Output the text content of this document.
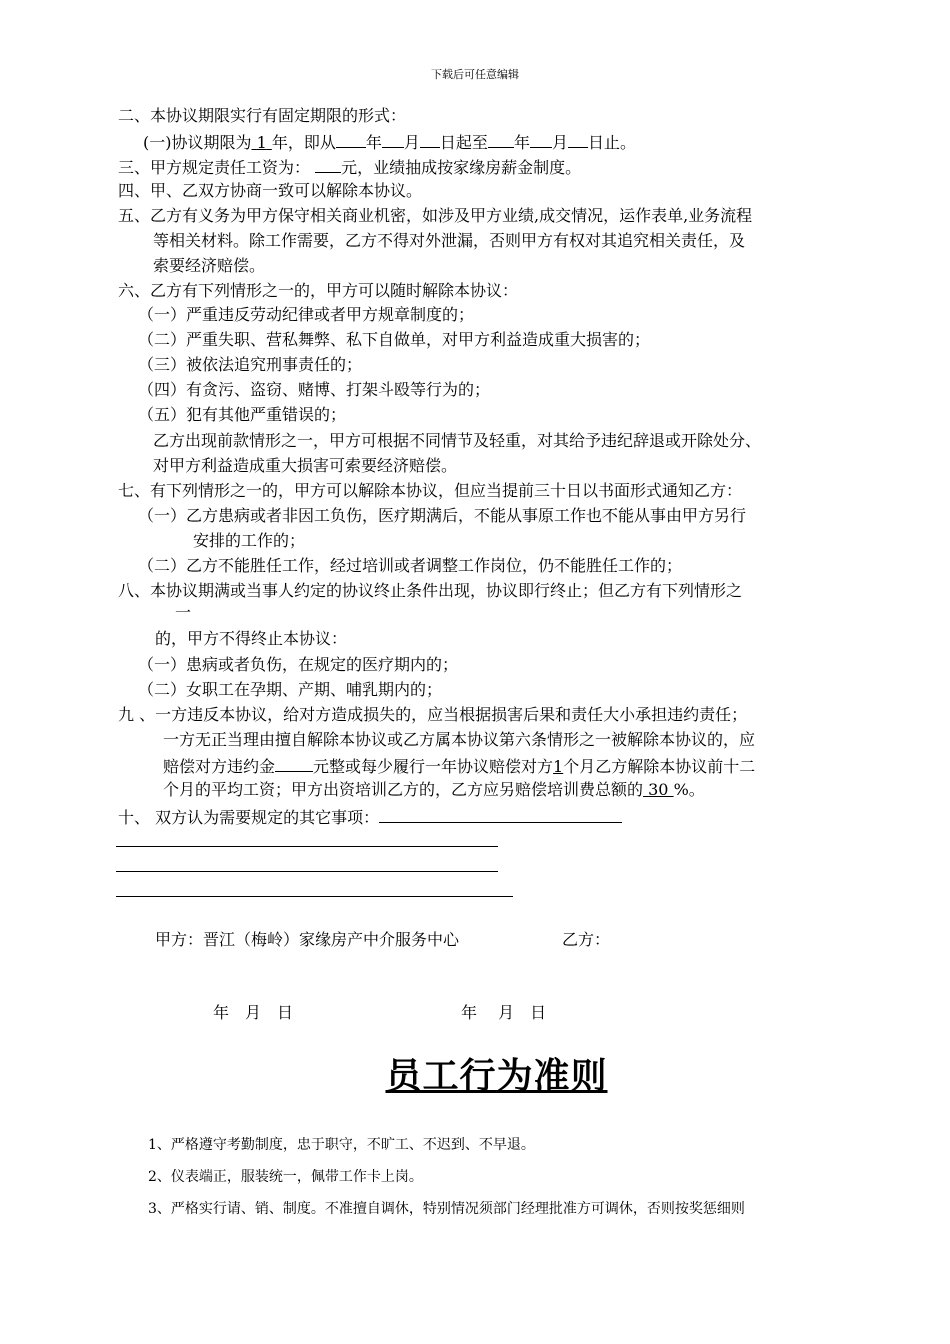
下载后可任意编辑
二、本协议期限实行有固定期限的形式：
(一)协议期限为 1 年，即从 年 月 日起至 年 月 日止。
三、甲方规定责任工资为： 元，业绩抽成按家缘房薪金制度。
四、甲、乙双方协商一致可以解除本协议。
五、乙方有义务为甲方保守相关商业机密，如涉及甲方业绩,成交情况，运作表单,业务流程
等相关材料。除工作需要，乙方不得对外泄漏，否则甲方有权对其追究相关责任，及
索要经济赔偿。
六、乙方有下列情形之一的，甲方可以随时解除本协议：
（一）严重违反劳动纪律或者甲方规章制度的；
（二）严重失职、营私舞弊、私下自做单，对甲方利益造成重大损害的；
（三）被依法追究刑事责任的；
（四）有贪污、盗窃、赌博、打架斗殴等行为的；
（五）犯有其他严重错误的；
乙方出现前款情形之一，甲方可根据不同情节及轻重，对其给予违纪辞退或开除处分、
对甲方利益造成重大损害可索要经济赔偿。
七、有下列情形之一的，甲方可以解除本协议，但应当提前三十日以书面形式通知乙方：
（一）乙方患病或者非因工负伤，医疗期满后，不能从事原工作也不能从事由甲方另行
安排的工作的；
（二）乙方不能胜任工作，经过培训或者调整工作岗位，仍不能胜任工作的；
八、本协议期满或当事人约定的协议终止条件出现，协议即行终止；但乙方有下列情形之
一
的，甲方不得终止本协议：
（一）患病或者负伤，在规定的医疗期内的；
（二）女职工在孕期、产期、哺乳期内的；
九 、一方违反本协议，给对方造成损失的，应当根据损害后果和责任大小承担违约责任；
一方无正当理由擅自解除本协议或乙方属本协议第六条情形之一被解除本协议的，应
赔偿对方违约金 元整或每少履行一年协议赔偿对方1个月乙方解除本协议前十二
个月的平均工资；甲方出资培训乙方的，乙方应另赔偿培训费总额的 30 %。
十、 双方认为需要规定的其它事项：
甲方：晋江（梅岭）家缘房产中介服务中心	乙方：
年　月　日	年　 月　日
员工行为准则
1、严格遵守考勤制度，忠于职守，不旷工、不迟到、不早退。
2、仪表端正，服装统一，佩带工作卡上岗。
3、严格实行请、销、制度。不准擅自调休，特别情况须部门经理批准方可调休，否则按奖惩细则
